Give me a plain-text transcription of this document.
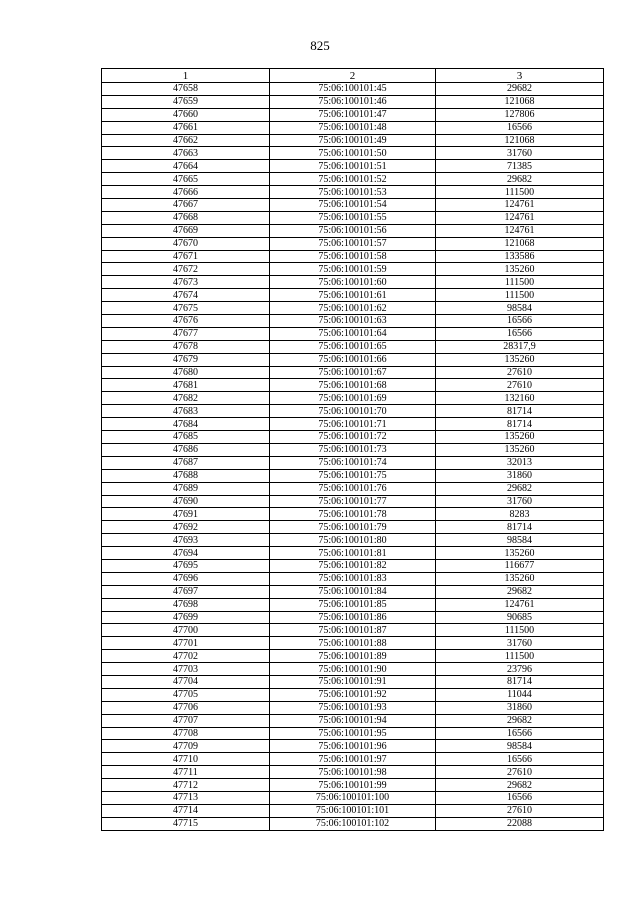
825
1	2	3
47658	75:06:100101:45	29682
47659	75:06:100101:46	121068
47660	75:06:100101:47	127806
47661	75:06:100101:48	16566
47662	75:06:100101:49	121068
47663	75:06:100101:50	31760
47664	75:06:100101:51	71385
47665	75:06:100101:52	29682
47666	75:06:100101:53	111500
47667	75:06:100101:54	124761
47668	75:06:100101:55	124761
47669	75:06:100101:56	124761
47670	75:06:100101:57	121068
47671	75:06:100101:58	133586
47672	75:06:100101:59	135260
47673	75:06:100101:60	111500
47674	75:06:100101:61	111500
47675	75:06:100101:62	98584
47676	75:06:100101:63	16566
47677	75:06:100101:64	16566
47678	75:06:100101:65	28317,9
47679	75:06:100101:66	135260
47680	75:06:100101:67	27610
47681	75:06:100101:68	27610
47682	75:06:100101:69	132160
47683	75:06:100101:70	81714
47684	75:06:100101:71	81714
47685	75:06:100101:72	135260
47686	75:06:100101:73	135260
47687	75:06:100101:74	32013
47688	75:06:100101:75	31860
47689	75:06:100101:76	29682
47690	75:06:100101:77	31760
47691	75:06:100101:78	8283
47692	75:06:100101:79	81714
47693	75:06:100101:80	98584
47694	75:06:100101:81	135260
47695	75:06:100101:82	116677
47696	75:06:100101:83	135260
47697	75:06:100101:84	29682
47698	75:06:100101:85	124761
47699	75:06:100101:86	90685
47700	75:06:100101:87	111500
47701	75:06:100101:88	31760
47702	75:06:100101:89	111500
47703	75:06:100101:90	23796
47704	75:06:100101:91	81714
47705	75:06:100101:92	11044
47706	75:06:100101:93	31860
47707	75:06:100101:94	29682
47708	75:06:100101:95	16566
47709	75:06:100101:96	98584
47710	75:06:100101:97	16566
47711	75:06:100101:98	27610
47712	75:06:100101:99	29682
47713	75:06:100101:100	16566
47714	75:06:100101:101	27610
47715	75:06:100101:102	22088
